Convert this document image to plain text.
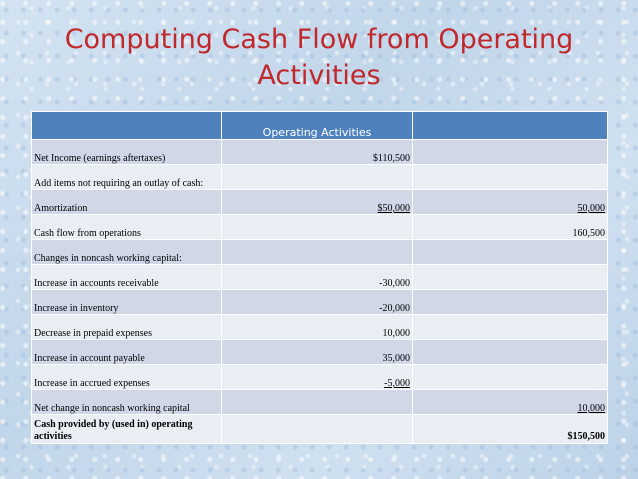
Computing Cash Flow from Operating
Activities
	Operating Activities	
Net Income (earnings aftertaxes)	$110,500	
Add items not requiring an outlay of cash:		
Amortization	$50,000	50,000
Cash flow from operations		160,500
Changes in noncash working capital:		
Increase in accounts receivable	-30,000	
Increase in inventory	-20,000	
Decrease in prepaid expenses	10,000	
Increase in account payable	35,000	
Increase in accrued expenses	-5,000	
Net change in noncash working capital		10,000
Cash provided by (used in) operating activities		$150,500
